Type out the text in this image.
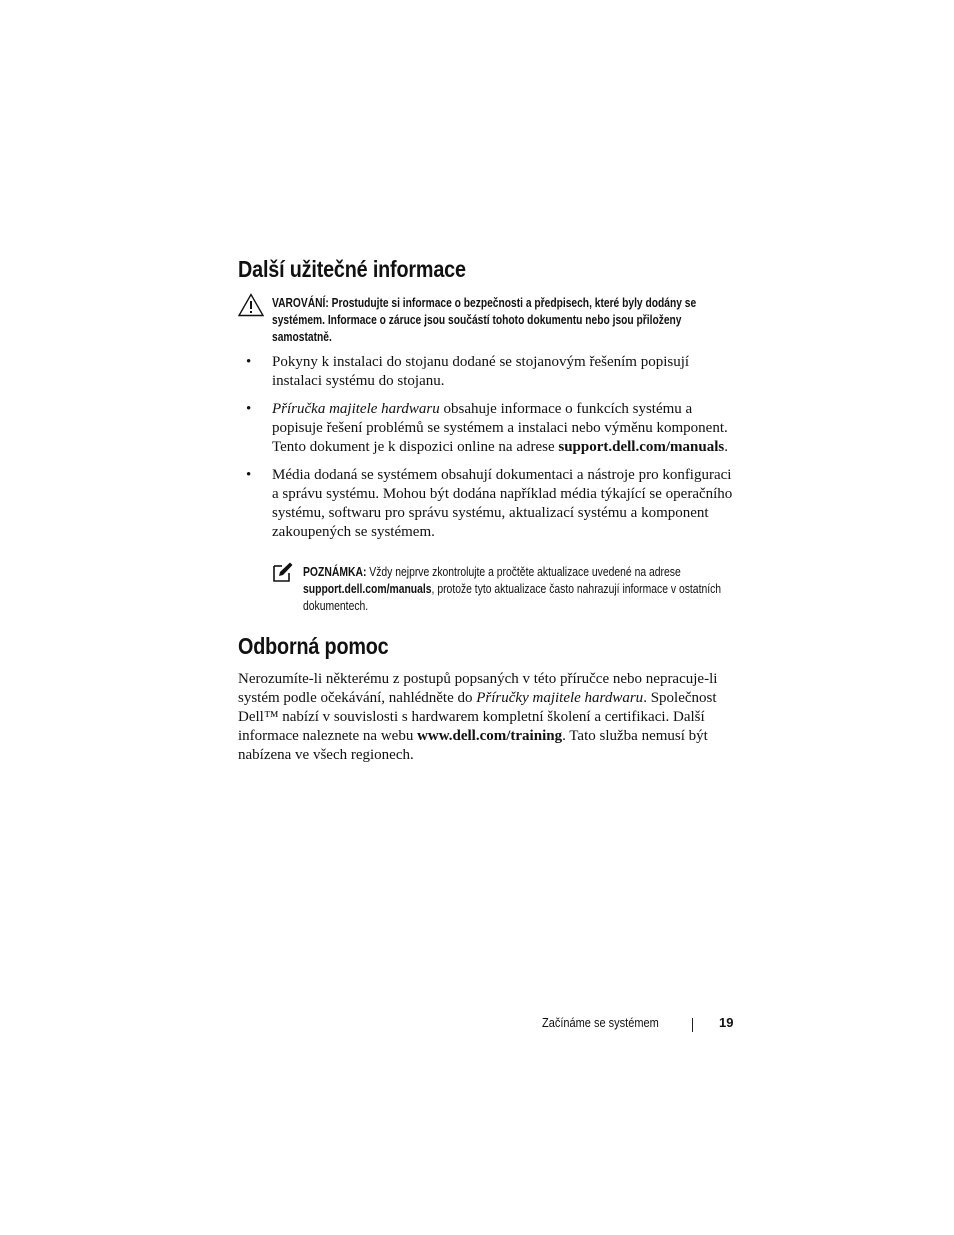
Další užitečné informace
VAROVÁNÍ: Prostudujte si informace o bezpečnosti a předpisech, které byly dodány se systémem. Informace o záruce jsou součástí tohoto dokumentu nebo jsou přiloženy samostatně.
• Pokyny k instalaci do stojanu dodané se stojanovým řešením popisují instalaci systému do stojanu.
• Příručka majitele hardwaru obsahuje informace o funkcích systému a popisuje řešení problémů se systémem a instalaci nebo výměnu komponent. Tento dokument je k dispozici online na adrese support.dell.com/manuals.
• Média dodaná se systémem obsahují dokumentaci a nástroje pro konfiguraci a správu systému. Mohou být dodána například média týkající se operačního systému, softwaru pro správu systému, aktualizací systému a komponent zakoupených se systémem.
POZNÁMKA: Vždy nejprve zkontrolujte a pročtěte aktualizace uvedené na adrese support.dell.com/manuals, protože tyto aktualizace často nahrazují informace v ostatních dokumentech.
Odborná pomoc

Nerozumíte-li některému z postupů popsaných v této příručce nebo nepracuje-li systém podle očekávání, nahlédněte do Příručky majitele hardwaru. Společnost Dell™ nabízí v souvislosti s hardwarem kompletní školení a certifikaci. Další informace naleznete na webu www.dell.com/training. Tato služba nemusí být nabízena ve všech regionech.

Začínáme se systémem	19
